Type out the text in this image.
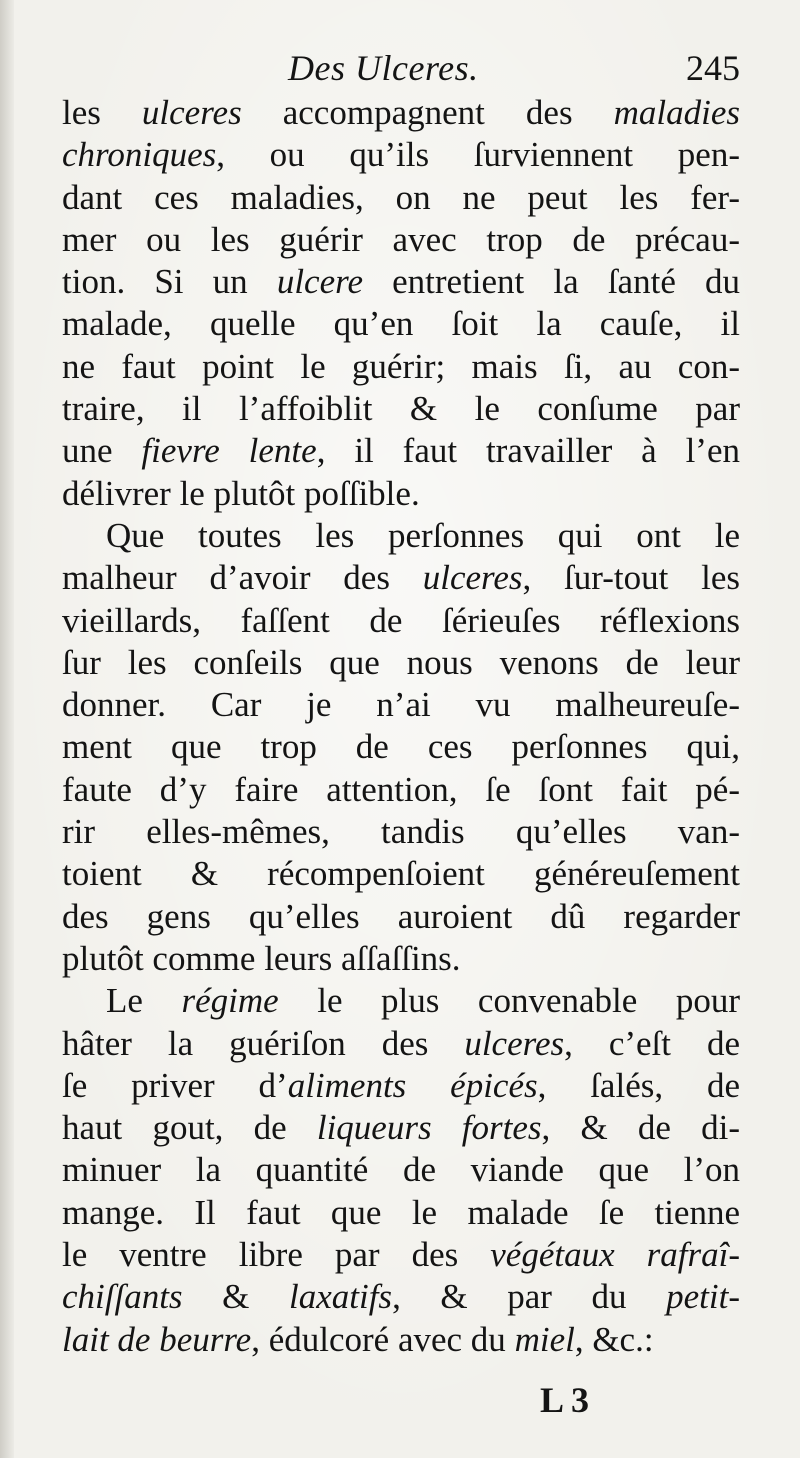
Des Ulceres.	245
les ulceres accompagnent des maladies
chroniques, ou qu’ils ſurviennent pen-
dant ces maladies, on ne peut les fer-
mer ou les guérir avec trop de précau-
tion. Si un ulcere entretient la ſanté du
malade, quelle qu’en ſoit la cauſe, il
ne faut point le guérir; mais ſi, au con-
traire, il l’affoiblit & le conſume par
une fievre lente, il faut travailler à l’en
délivrer le plutôt poſſible.
Que toutes les perſonnes qui ont le
malheur d’avoir des ulceres, ſur-tout les
vieillards, faſſent de ſérieuſes réflexions
ſur les conſeils que nous venons de leur
donner. Car je n’ai vu malheureuſe-
ment que trop de ces perſonnes qui,
faute d’y faire attention, ſe ſont fait pé-
rir elles-mêmes, tandis qu’elles van-
toient & récompenſoient généreuſement
des gens qu’elles auroient dû regarder
plutôt comme leurs aſſaſſins.
Le régime le plus convenable pour
hâter la guériſon des ulceres, c’eſt de
ſe priver d’aliments épicés, ſalés, de
haut gout, de liqueurs fortes, & de di-
minuer la quantité de viande que l’on
mange. Il faut que le malade ſe tienne
le ventre libre par des végétaux rafraî-
chiſſants & laxatifs, & par du petit-
lait de beurre, édulcoré avec du miel, &c.:
L 3
